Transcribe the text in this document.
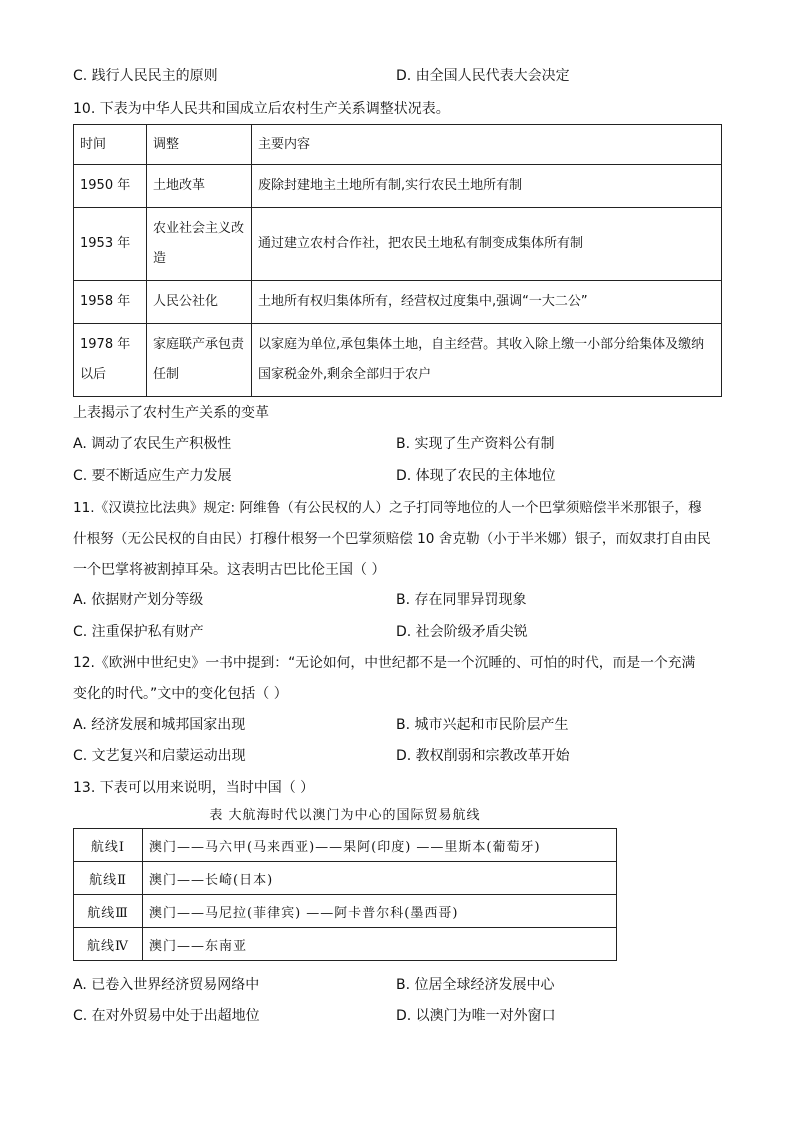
C. 践行人民民主的原则	D. 由全国人民代表大会决定
10. 下表为中华人民共和国成立后农村生产关系调整状况表。
时间	调整	主要内容
1950 年	土地改革	废除封建地主土地所有制,实行农民土地所有制
1953 年	农业社会主义改造	通过建立农村合作社，把农民土地私有制变成集体所有制
1958 年	人民公社化	土地所有权归集体所有，经营权过度集中,强调“一大二公”
1978 年以后	家庭联产承包责任制	以家庭为单位,承包集体土地，自主经营。其收入除上缴一小部分给集体及缴纳国家税金外,剩余全部归于农户
上表揭示了农村生产关系的变革
A. 调动了农民生产积极性	B. 实现了生产资料公有制
C. 要不断适应生产力发展	D. 体现了农民的主体地位
11.《汉谟拉比法典》规定: 阿维鲁（有公民权的人）之子打同等地位的人一个巴掌须赔偿半米那银子，穆
什根努（无公民权的自由民）打穆什根努一个巴掌须赔偿 10 舍克勒（小于半米娜）银子，而奴隶打自由民
一个巴掌将被割掉耳朵。这表明古巴比伦王国（ ）
A. 依据财产划分等级	B. 存在同罪异罚现象
C. 注重保护私有财产	D. 社会阶级矛盾尖锐
12.《欧洲中世纪史》一书中提到：“无论如何，中世纪都不是一个沉睡的、可怕的时代，而是一个充满
变化的时代。”文中的变化包括（ ）
A. 经济发展和城邦国家出现	B. 城市兴起和市民阶层产生
C. 文艺复兴和启蒙运动出现	D. 教权削弱和宗教改革开始
13. 下表可以用来说明，当时中国（ ）
表 大航海时代以澳门为中心的国际贸易航线
航线Ⅰ	澳门——马六甲(马来西亚)——果阿(印度) ——里斯本(葡萄牙)
航线Ⅱ	澳门——长崎(日本)
航线Ⅲ	澳门——马尼拉(菲律宾) ——阿卡普尔科(墨西哥)
航线Ⅳ	澳门——东南亚
A. 已卷入世界经济贸易网络中	B. 位居全球经济发展中心
C. 在对外贸易中处于出超地位	D. 以澳门为唯一对外窗口
